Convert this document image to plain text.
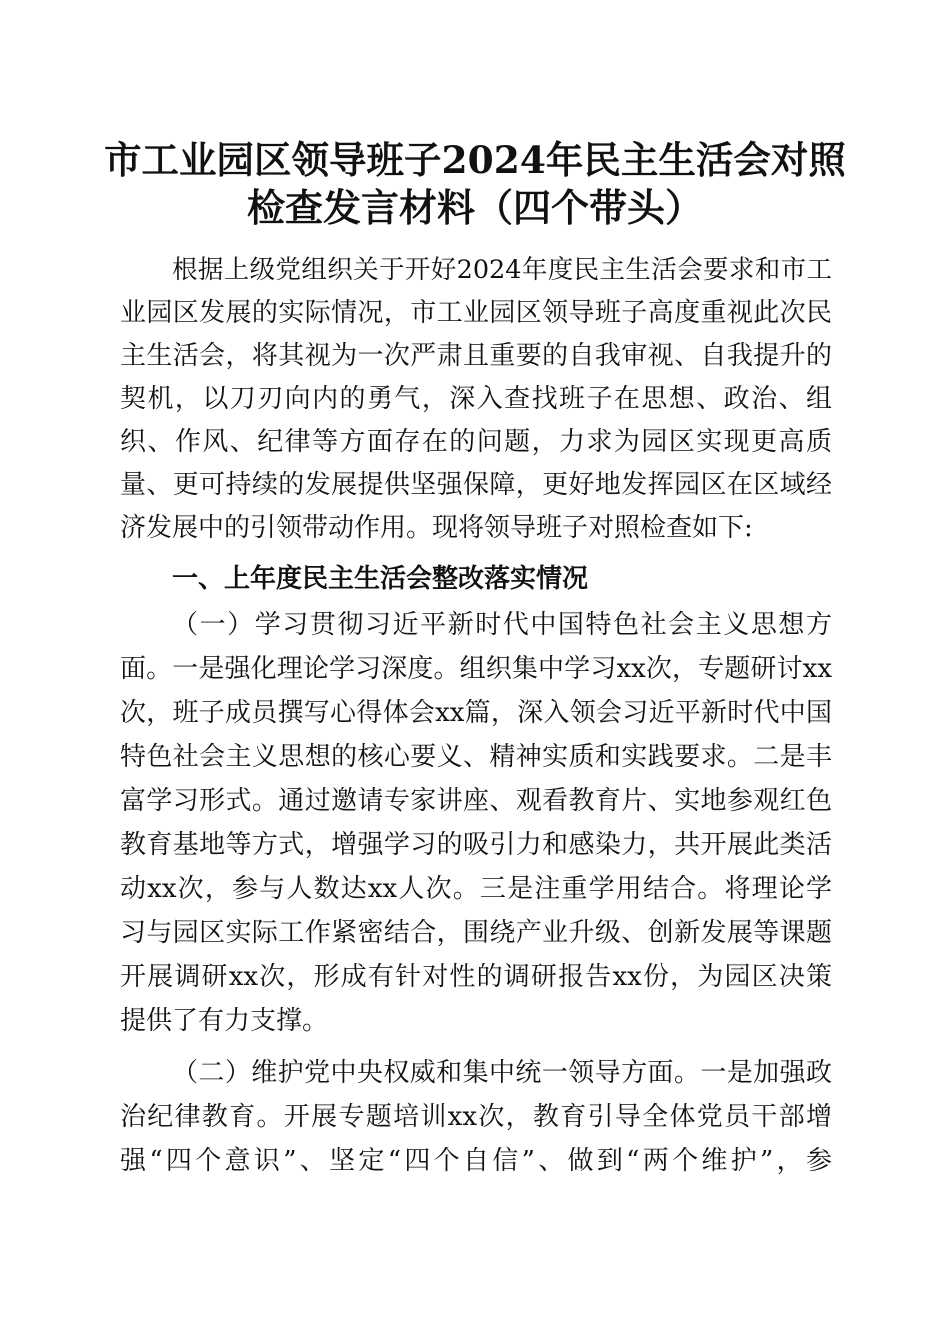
市工业园区领导班子2024年民主生活会对照
检查发言材料（四个带头）
根据上级党组织关于开好2024年度民主生活会要求和市工
业园区发展的实际情况，市工业园区领导班子高度重视此次民
主生活会，将其视为一次严肃且重要的自我审视、自我提升的
契机，以刀刃向内的勇气，深入查找班子在思想、政治、组
织、作风、纪律等方面存在的问题，力求为园区实现更高质
量、更可持续的发展提供坚强保障，更好地发挥园区在区域经
济发展中的引领带动作用。现将领导班子对照检查如下:
一、上年度民主生活会整改落实情况
（一）学习贯彻习近平新时代中国特色社会主义思想方
面。一是强化理论学习深度。组织集中学习xx次，专题研讨xx
次，班子成员撰写心得体会xx篇，深入领会习近平新时代中国
特色社会主义思想的核心要义、精神实质和实践要求。二是丰
富学习形式。通过邀请专家讲座、观看教育片、实地参观红色
教育基地等方式，增强学习的吸引力和感染力，共开展此类活
动xx次，参与人数达xx人次。三是注重学用结合。将理论学
习与园区实际工作紧密结合，围绕产业升级、创新发展等课题
开展调研xx次，形成有针对性的调研报告xx份，为园区决策
提供了有力支撑。
（二）维护党中央权威和集中统一领导方面。一是加强政
治纪律教育。开展专题培训xx次，教育引导全体党员干部增
强“四个意识”、坚定“四个自信”、做到“两个维护”，参
